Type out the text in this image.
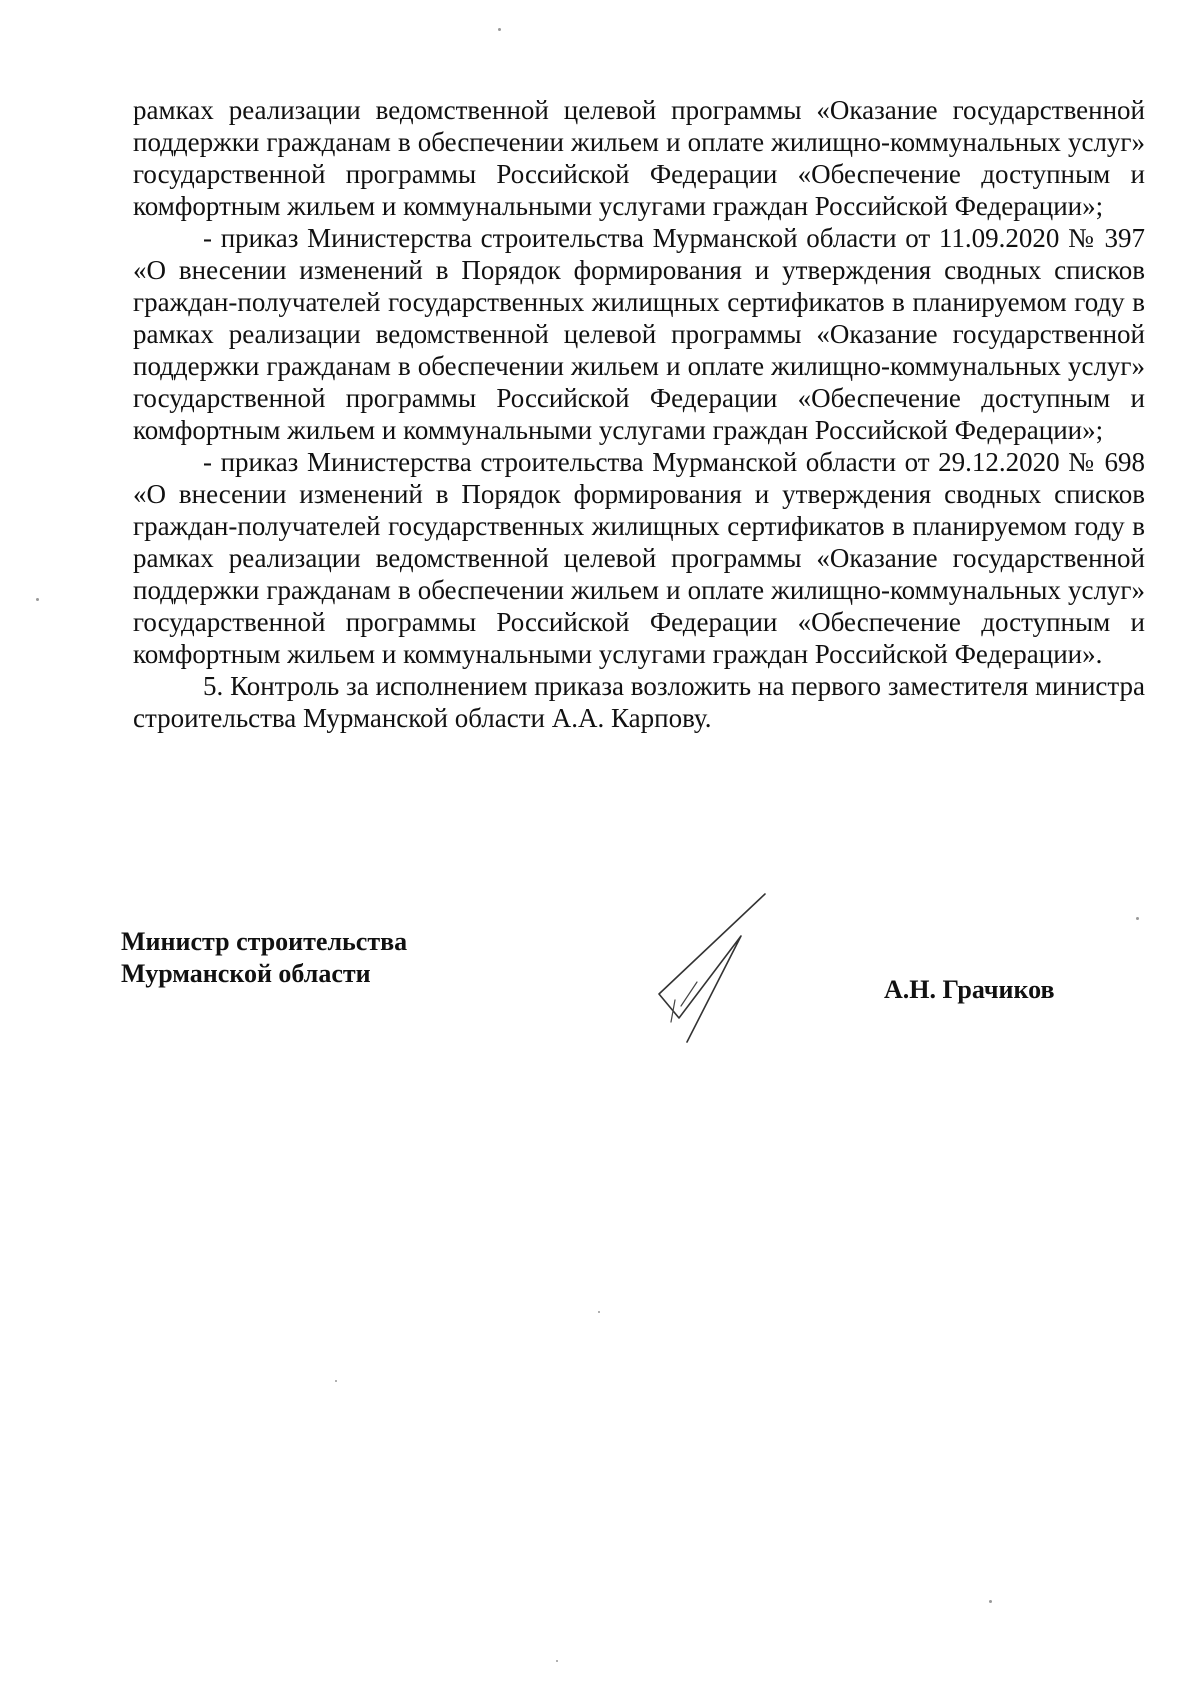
рамках реализации ведомственной целевой программы «Оказание государственной поддержки гражданам в обеспечении жильем и оплате жилищно-коммунальных услуг» государственной программы Российской Федерации «Обеспечение доступным и комфортным жильем и коммунальными услугами граждан Российской Федерации»;

- приказ Министерства строительства Мурманской области от 11.09.2020 № 397 «О внесении изменений в Порядок формирования и утверждения сводных списков граждан-получателей государственных жилищных сертификатов в планируемом году в рамках реализации ведомственной целевой программы «Оказание государственной поддержки гражданам в обеспечении жильем и оплате жилищно-коммунальных услуг» государственной программы Российской Федерации «Обеспечение доступным и комфортным жильем и коммунальными услугами граждан Российской Федерации»;

- приказ Министерства строительства Мурманской области от 29.12.2020 № 698 «О внесении изменений в Порядок формирования и утверждения сводных списков граждан-получателей государственных жилищных сертификатов в планируемом году в рамках реализации ведомственной целевой программы «Оказание государственной поддержки гражданам в обеспечении жильем и оплате жилищно-коммунальных услуг» государственной программы Российской Федерации «Обеспечение доступным и комфортным жильем и коммунальными услугами граждан Российской Федерации».

5. Контроль за исполнением приказа возложить на первого заместителя министра строительства Мурманской области А.А. Карпову.

Министр строительства
Мурманской области
А.Н. Грачиков
